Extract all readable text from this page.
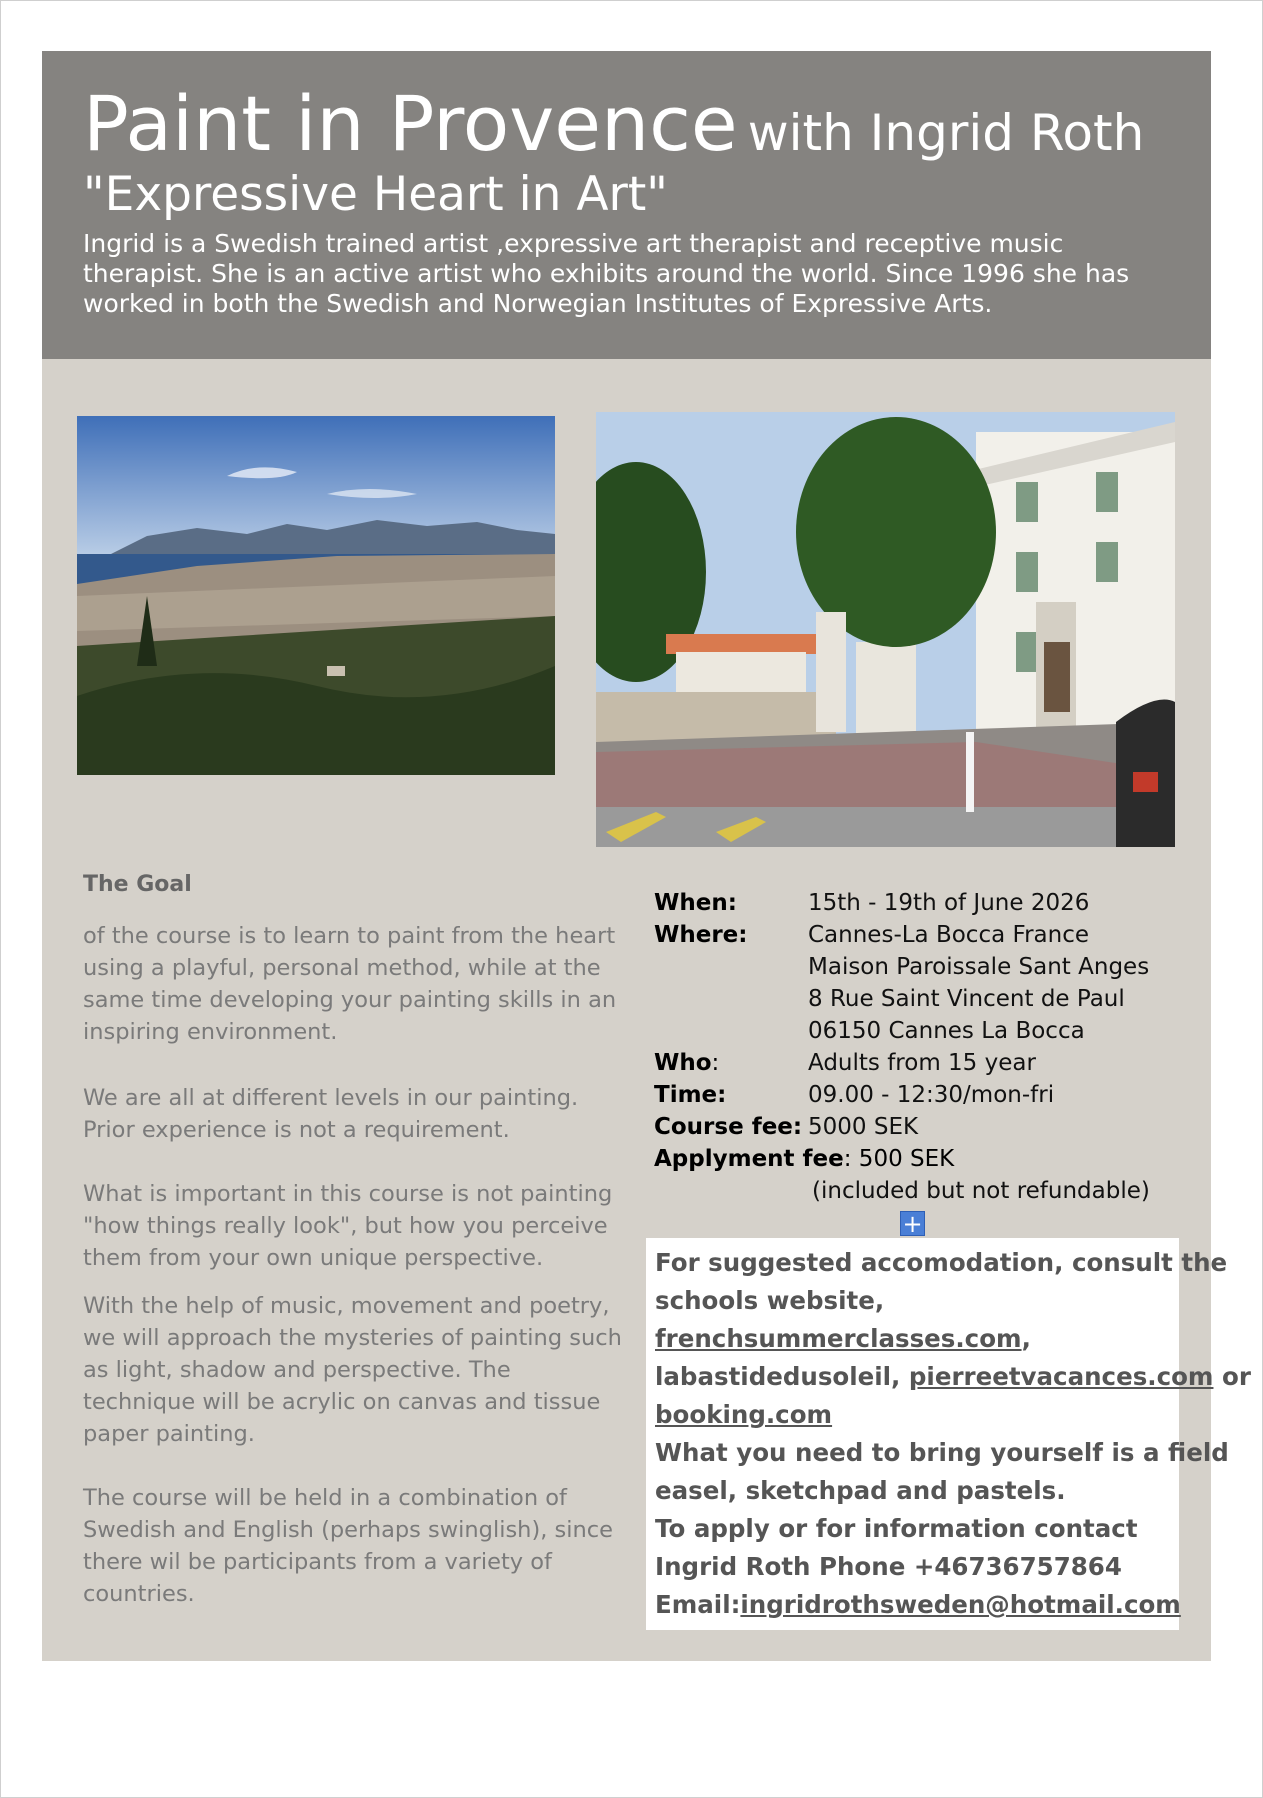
Paint in Provence with Ingrid Roth
"Expressive Heart in Art"
Ingrid is a Swedish trained artist ,expressive art therapist and receptive music therapist. She is an active artist who exhibits around the world. Since 1996 she has worked in both the Swedish and Norwegian Institutes of Expressive Arts.
The Goal
of the course is to learn to paint from the heart using a playful, personal method, while at the same time developing your painting skills in an inspiring environment.
We are all at different levels in our painting. Prior experience is not a requirement.
What is important in this course is not painting "how things really look", but how you perceive them from your own unique perspective.
With the help of music, movement and poetry, we will approach the mysteries of painting such as light, shadow and perspective. The technique will be acrylic on canvas and tissue paper painting.
The course will be held in a combination of Swedish and English (perhaps swinglish), since there wil be participants from a variety of countries.
When:	15th - 19th of June 2026
Where:	Cannes-La Bocca France
Maison Paroissale Sant Anges
8 Rue Saint Vincent de Paul
06150 Cannes La Bocca
Who:	Adults from 15 year
Time:	09.00 - 12:30/mon-fri
Course fee: 5000 SEK
Applyment fee: 500 SEK
(included but not refundable)
+

For suggested accomodation, consult the

schools website,

frenchsummerclasses.com,

labastidedusoleil, pierreetvacances.com or

booking.com

What you need to bring yourself is a field

easel, sketchpad and pastels.

To apply or for information contact

Ingrid Roth Phone +46736757864

Email:ingridrothsweden@hotmail.com
